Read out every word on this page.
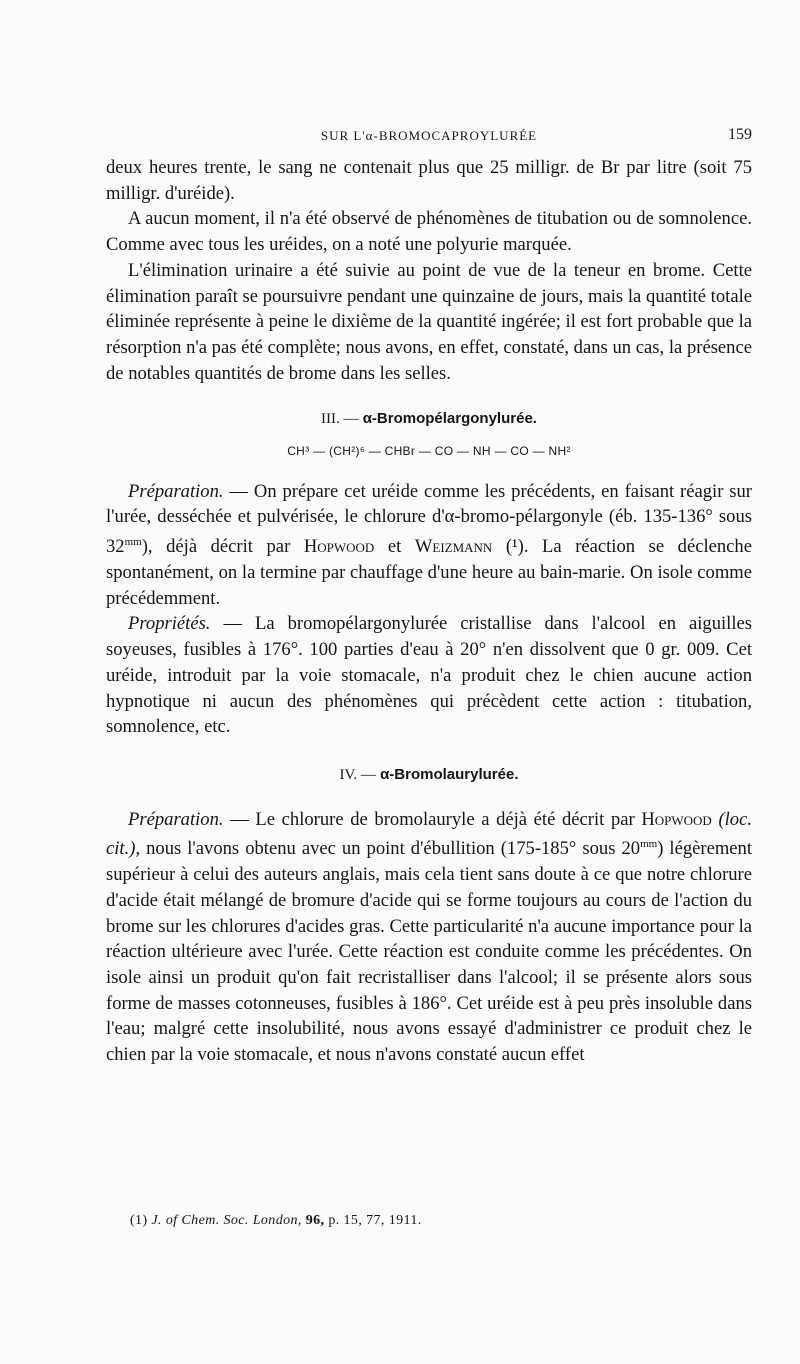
SUR L'α-BROMOCAPROYLURÉE	159

deux heures trente, le sang ne contenait plus que 25 milligr. de Br par litre (soit 75 milligr. d'uréide).

A aucun moment, il n'a été observé de phénomènes de titubation ou de somnolence. Comme avec tous les uréides, on a noté une polyurie marquée.

L'élimination urinaire a été suivie au point de vue de la teneur en brome. Cette élimination paraît se poursuivre pendant une quinzaine de jours, mais la quantité totale éliminée représente à peine le dixième de la quantité ingérée; il est fort probable que la résorption n'a pas été complète; nous avons, en effet, constaté, dans un cas, la présence de notables quantités de brome dans les selles.

III. — α-Bromopélargonylurée.

CH³ — (CH²)⁶ — CHBr — CO — NH — CO — NH²

Préparation. — On prépare cet uréide comme les précédents, en faisant réagir sur l'urée, desséchée et pulvérisée, le chlorure d'α-bromo-pélargonyle (éb. 135-136° sous $32^{mm}$), déjà décrit par Hopwood et Weizmann (¹). La réaction se déclenche spontanément, on la termine par chauffage d'une heure au bain-marie. On isole comme précédemment.

Propriétés. — La bromopélargonylurée cristallise dans l'alcool en aiguilles soyeuses, fusibles à 176°. 100 parties d'eau à 20° n'en dissolvent que 0 gr. 009. Cet uréide, introduit par la voie stomacale, n'a produit chez le chien aucune action hypnotique ni aucun des phénomènes qui précèdent cette action : titubation, somnolence, etc.

IV. — α-Bromolaurylurée.

Préparation. — Le chlorure de bromolauryle a déjà été décrit par Hopwood (loc. cit.), nous l'avons obtenu avec un point d'ébullition (175-185° sous $20^{mm}$) légèrement supérieur à celui des auteurs anglais, mais cela tient sans doute à ce que notre chlorure d'acide était mélangé de bromure d'acide qui se forme toujours au cours de l'action du brome sur les chlorures d'acides gras. Cette particularité n'a aucune importance pour la réaction ultérieure avec l'urée. Cette réaction est conduite comme les précédentes. On isole ainsi un produit qu'on fait recristalliser dans l'alcool; il se présente alors sous forme de masses cotonneuses, fusibles à 186°. Cet uréide est à peu près insoluble dans l'eau; malgré cette insolubilité, nous avons essayé d'administrer ce produit chez le chien par la voie stomacale, et nous n'avons constaté aucun effet

(1) J. of Chem. Soc. London, 96, p. 15, 77, 1911.
